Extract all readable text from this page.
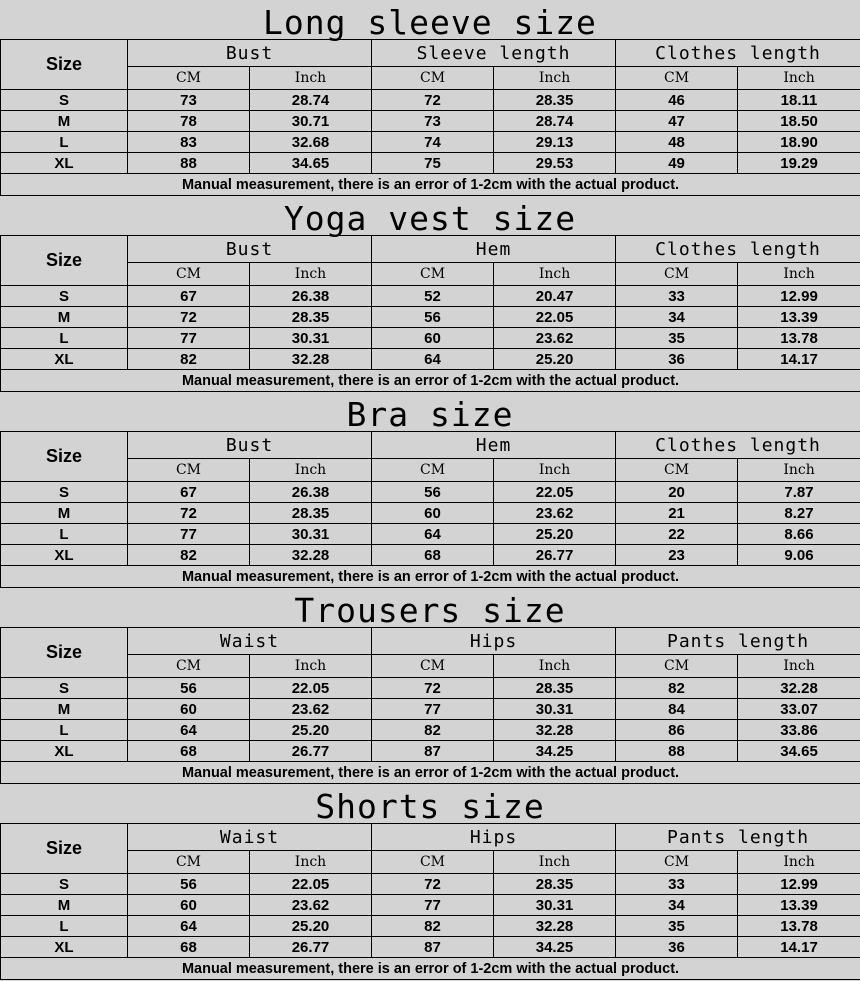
Long sleeve size
Size	Bust		Sleeve length		Clothes length	
	CM	Inch	CM	Inch	CM	Inch
S	73	28.74	72	28.35	46	18.11
M	78	30.71	73	28.74	47	18.50
L	83	32.68	74	29.13	48	18.90
XL	88	34.65	75	29.53	49	19.29
Manual measurement, there is an error of 1-2cm with the actual product.						
Yoga vest size
Size	Bust		Hem		Clothes length	
	CM	Inch	CM	Inch	CM	Inch
S	67	26.38	52	20.47	33	12.99
M	72	28.35	56	22.05	34	13.39
L	77	30.31	60	23.62	35	13.78
XL	82	32.28	64	25.20	36	14.17
Manual measurement, there is an error of 1-2cm with the actual product.						
Bra size
Size	Bust		Hem		Clothes length	
	CM	Inch	CM	Inch	CM	Inch
S	67	26.38	56	22.05	20	7.87
M	72	28.35	60	23.62	21	8.27
L	77	30.31	64	25.20	22	8.66
XL	82	32.28	68	26.77	23	9.06
Manual measurement, there is an error of 1-2cm with the actual product.						
Trousers size
Size	Waist		Hips		Pants length	
	CM	Inch	CM	Inch	CM	Inch
S	56	22.05	72	28.35	82	32.28
M	60	23.62	77	30.31	84	33.07
L	64	25.20	82	32.28	86	33.86
XL	68	26.77	87	34.25	88	34.65
Manual measurement, there is an error of 1-2cm with the actual product.						
Shorts size
Size	Waist		Hips		Pants length	
	CM	Inch	CM	Inch	CM	Inch
S	56	22.05	72	28.35	33	12.99
M	60	23.62	77	30.31	34	13.39
L	64	25.20	82	32.28	35	13.78
XL	68	26.77	87	34.25	36	14.17
Manual measurement, there is an error of 1-2cm with the actual product.						
